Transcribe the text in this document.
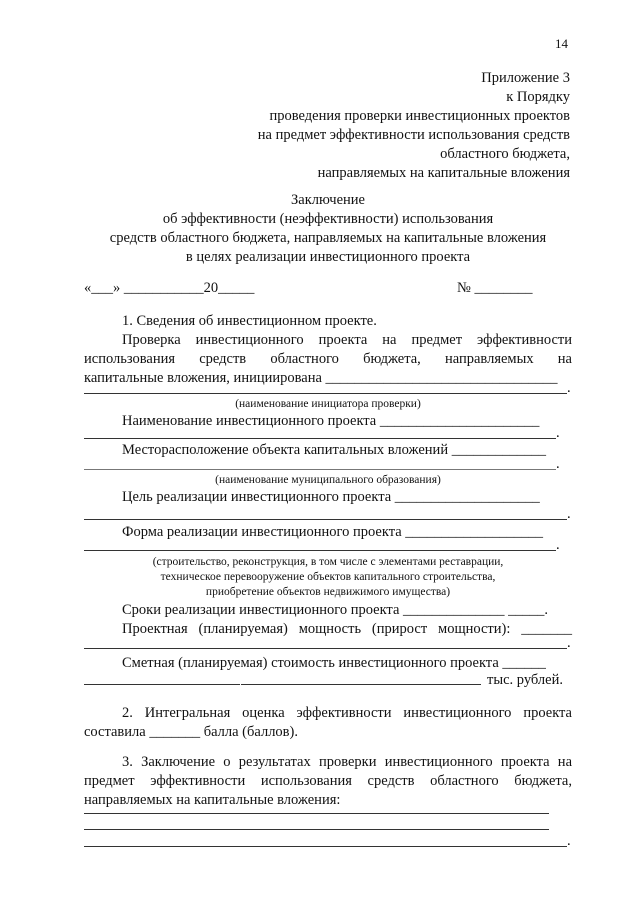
14
Приложение 3
к Порядку
проведения проверки инвестиционных проектов
на предмет эффективности использования средств
областного бюджета,
направляемых на капитальные вложения
Заключение
об эффективности (неэффективности) использования
средств областного бюджета, направляемых на капитальные вложения
в целях реализации инвестиционного проекта
«___» ___________20_____	№ ________
1. Сведения об инвестиционном проекте.
Проверка инвестиционного проекта на предмет эффективности
использования средств областного бюджета, направляемых на
капитальные вложения, инициирована ________________________________
.
(наименование инициатора проверки)
Наименование инвестиционного проекта ______________________
.
Месторасположение объекта капитальных вложений _____________
.
(наименование муниципального образования)
Цель реализации инвестиционного проекта ____________________
.
Форма реализации инвестиционного проекта ___________________
.
(строительство, реконструкция, в том числе с элементами реставрации,
техническое перевооружение объектов капитального строительства,
приобретение объектов недвижимого имущества)
Сроки реализации инвестиционного проекта ______________ _____.
Проектная (планируемая) мощность (прирост мощности): _______
.
Сметная (планируемая) стоимость инвестиционного проекта ______
тыс. рублей.
2. Интегральная оценка эффективности инвестиционного проекта
составила _______ балла (баллов).
3. Заключение о результатах проверки инвестиционного проекта на
предмет эффективности использования средств областного бюджета,
направляемых на капитальные вложения:
.
